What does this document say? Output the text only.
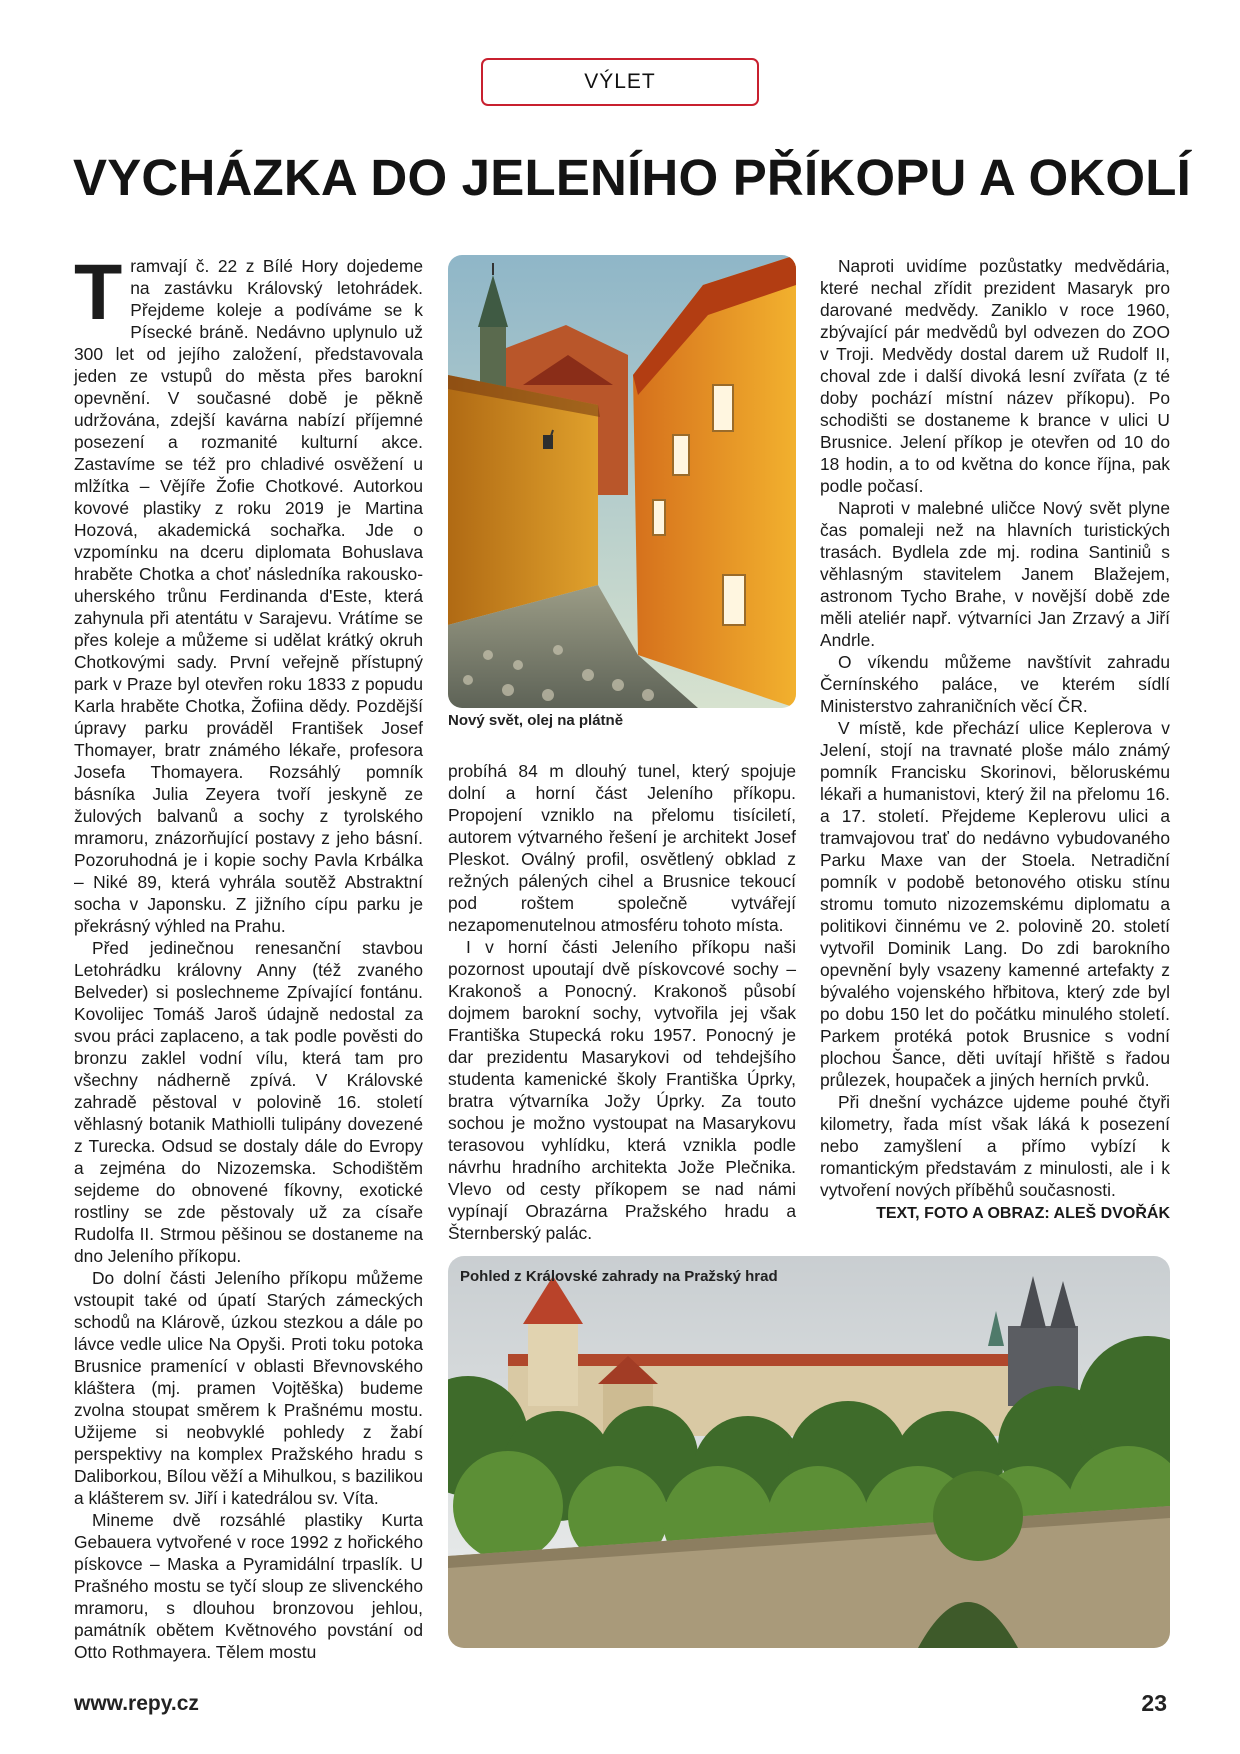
VÝLET
VYCHÁZKA DO JELENÍHO PŘÍKOPU A OKOLÍ

Tramvají č. 22 z Bílé Hory dojedeme na zastávku Královský letohrádek. Přejdeme koleje a podíváme se k Písecké bráně. Nedávno uplynulo už 300 let od jejího založení, představovala jeden ze vstupů do města přes barokní opevnění. V současné době je pěkně udržována, zdejší kavárna nabízí příjemné posezení a rozmanité kulturní akce. Zastavíme se též pro chladivé osvěžení u mlžítka – Vějíře Žofie Chotkové. Autorkou kovové plastiky z roku 2019 je Martina Hozová, akademická sochařka. Jde o vzpomínku na dceru diplomata Bohuslava hraběte Chotka a choť následníka rakousko-uherského trůnu Ferdinanda d'Este, která zahynula při atentátu v Sarajevu. Vrátíme se přes koleje a můžeme si udělat krátký okruh Chotkovými sady. První veřejně přístupný park v Praze byl otevřen roku 1833 z popudu Karla hraběte Chotka, Žofiina dědy. Pozdější úpravy parku prováděl František Josef Thomayer, bratr známého lékaře, profesora Josefa Thomayera. Rozsáhlý pomník básníka Julia Zeyera tvoří jeskyně ze žulových balvanů a sochy z tyrolského mramoru, znázorňující postavy z jeho básní. Pozoruhodná je i kopie sochy Pavla Krbálka – Niké 89, která vyhrála soutěž Abstraktní socha v Japonsku. Z jižního cípu parku je překrásný výhled na Prahu.

Před jedinečnou renesanční stavbou Letohrádku královny Anny (též zvaného Belveder) si poslechneme Zpívající fontánu. Kovolijec Tomáš Jaroš údajně nedostal za svou práci zaplaceno, a tak podle pověsti do bronzu zaklel vodní vílu, která tam pro všechny nádherně zpívá. V Královské zahradě pěstoval v polovině 16. století věhlasný botanik Mathiolli tulipány dovezené z Turecka. Odsud se dostaly dále do Evropy a zejména do Nizozemska. Schodištěm sejdeme do obnovené fíkovny, exotické rostliny se zde pěstovaly už za císaře Rudolfa II. Strmou pěšinou se dostaneme na dno Jeleního příkopu.

Do dolní části Jeleního příkopu můžeme vstoupit také od úpatí Starých zámeckých schodů na Klárově, úzkou stezkou a dále po lávce vedle ulice Na Opyši. Proti toku potoka Brusnice pramenící v oblasti Břevnovského kláštera (mj. pramen Vojtěška) budeme zvolna stoupat směrem k Prašnému mostu. Užijeme si neobvyklé pohledy z žabí perspektivy na komplex Pražského hradu s Daliborkou, Bílou věží a Mihulkou, s bazilikou a klášterem sv. Jiří i katedrálou sv. Víta.

Mineme dvě rozsáhlé plastiky Kurta Gebauera vytvořené v roce 1992 z hořického pískovce – Maska a Pyramidální trpaslík. U Prašného mostu se tyčí sloup ze slivenckého mramoru, s dlouhou bronzovou jehlou, památník obětem Květnového povstání od Otto Rothmayera. Tělem mostu

Nový svět, olej na plátně

probíhá 84 m dlouhý tunel, který spojuje dolní a horní část Jeleního příkopu. Propojení vzniklo na přelomu tisíciletí, autorem výtvarného řešení je architekt Josef Pleskot. Oválný profil, osvětlený obklad z režných pálených cihel a Brusnice tekoucí pod roštem společně vytvářejí nezapomenutelnou atmosféru tohoto místa.

I v horní části Jeleního příkopu naši pozornost upoutají dvě pískovcové sochy – Krakonoš a Ponocný. Krakonoš působí dojmem barokní sochy, vytvořila jej však Františka Stupecká roku 1957. Ponocný je dar prezidentu Masarykovi od tehdejšího studenta kamenické školy Františka Úprky, bratra výtvarníka Jožy Úprky. Za touto sochou je možno vystoupat na Masarykovu terasovou vyhlídku, která vznikla podle návrhu hradního architekta Jože Plečnika. Vlevo od cesty příkopem se nad námi vypínají Obrazárna Pražského hradu a Šternberský palác.

Naproti uvidíme pozůstatky medvědária, které nechal zřídit prezident Masaryk pro darované medvědy. Zaniklo v roce 1960, zbývající pár medvědů byl odvezen do ZOO v Troji. Medvědy dostal darem už Rudolf II, choval zde i další divoká lesní zvířata (z té doby pochází místní název příkopu). Po schodišti se dostaneme k brance v ulici U Brusnice. Jelení příkop je otevřen od 10 do 18 hodin, a to od května do konce října, pak podle počasí.

Naproti v malebné uličce Nový svět plyne čas pomaleji než na hlavních turistických trasách. Bydlela zde mj. rodina Santiniů s věhlasným stavitelem Janem Blažejem, astronom Tycho Brahe, v novější době zde měli ateliér např. výtvarníci Jan Zrzavý a Jiří Andrle.

O víkendu můžeme navštívit zahradu Černínského paláce, ve kterém sídlí Ministerstvo zahraničních věcí ČR.

V místě, kde přechází ulice Keplerova v Jelení, stojí na travnaté ploše málo známý pomník Francisku Skorinovi, běloruskému lékaři a humanistovi, který žil na přelomu 16. a 17. století. Přejdeme Keplerovu ulici a tramvajovou trať do nedávno vybudovaného Parku Maxe van der Stoela. Netradiční pomník v podobě betonového otisku stínu stromu tomuto nizozemskému diplomatu a politikovi činnému ve 2. polovině 20. století vytvořil Dominik Lang. Do zdi barokního opevnění byly vsazeny kamenné artefakty z bývalého vojenského hřbitova, který zde byl po dobu 150 let do počátku minulého století. Parkem protéká potok Brusnice s vodní plochou Šance, děti uvítají hřiště s řadou průlezek, houpaček a jiných herních prvků.

Při dnešní vycházce ujdeme pouhé čtyři kilometry, řada míst však láká k posezení nebo zamyšlení a přímo vybízí k romantickým představám z minulosti, ale i k vytvoření nových příběhů současnosti.

TEXT, FOTO A OBRAZ: ALEŠ DVOŘÁK

Pohled z Královské zahrady na Pražský hrad
www.repy.cz	23
